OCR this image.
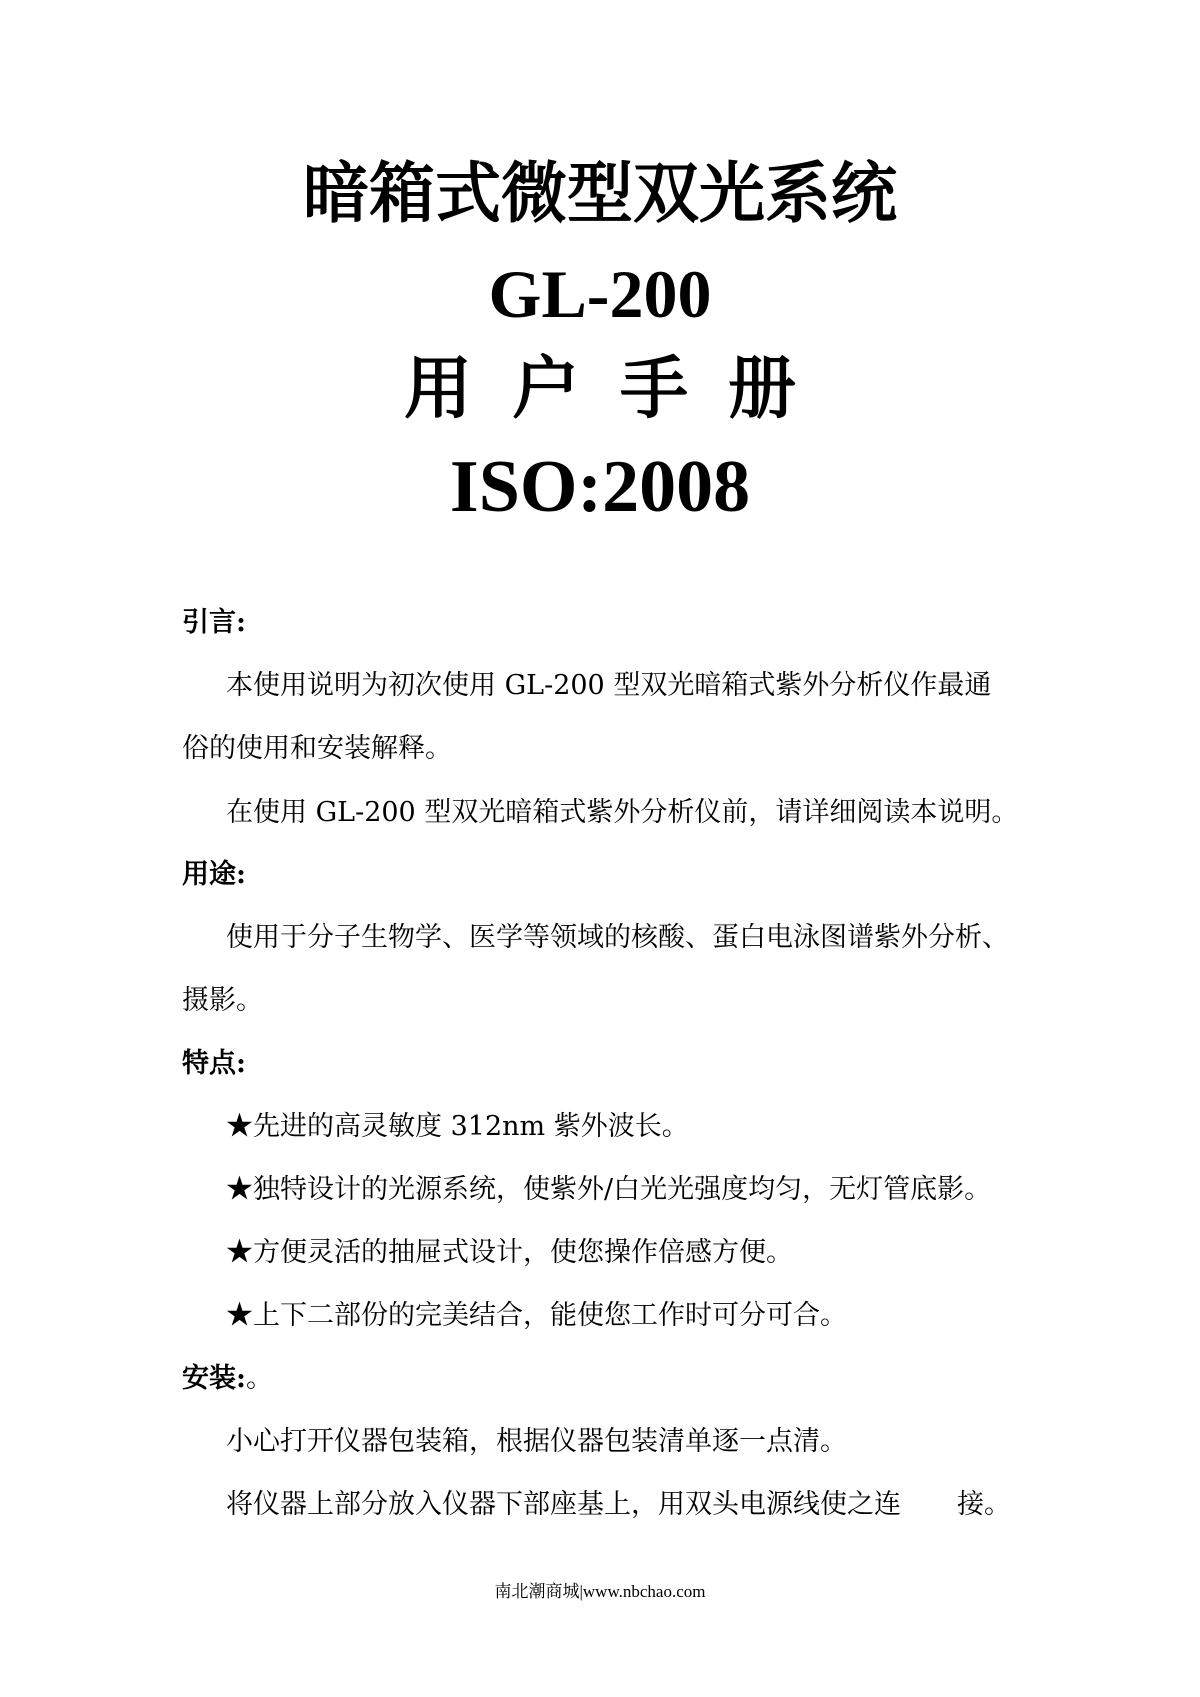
暗箱式微型双光系统
GL-200
用户手册
ISO:2008
引言:
本使用说明为初次使用 GL-200 型双光暗箱式紫外分析仪作最通
俗的使用和安装解释。
在使用 GL-200 型双光暗箱式紫外分析仪前，请详细阅读本说明。
用途:
使用于分子生物学、医学等领域的核酸、蛋白电泳图谱紫外分析、
摄影。
特点:
★先进的高灵敏度 312nm 紫外波长。
★独特设计的光源系统，使紫外/白光光强度均匀，无灯管底影。
★方便灵活的抽屉式设计，使您操作倍感方便。
★上下二部份的完美结合，能使您工作时可分可合。
安装:。
小心打开仪器包装箱，根据仪器包装清单逐一点清。
将仪器上部分放入仪器下部座基上，用双头电源线使之连 接。
南北潮商城|www.nbchao.com
